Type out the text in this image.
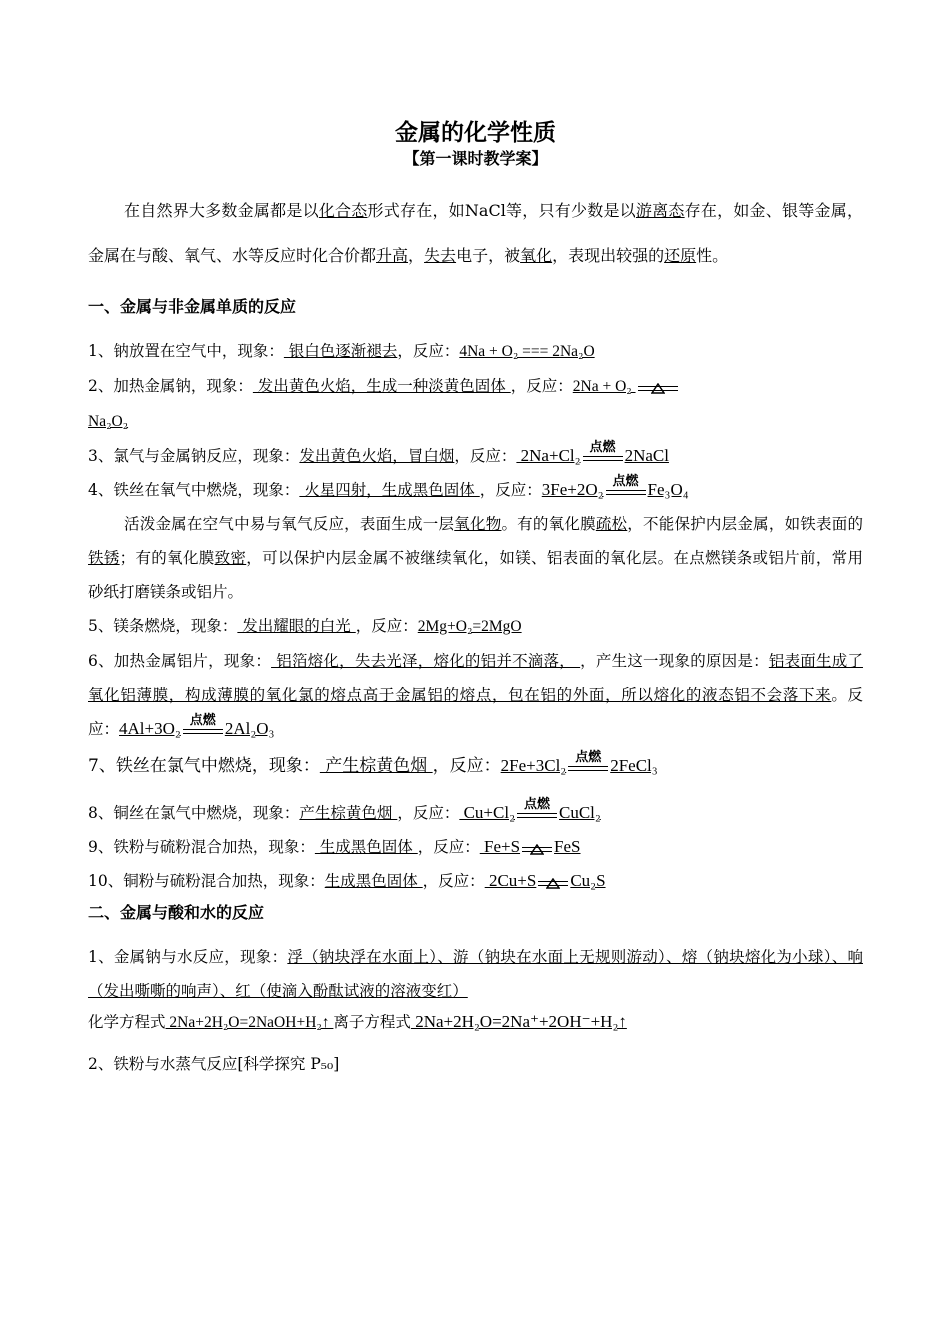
金属的化学性质
【第一课时教学案】

在自然界大多数金属都是以化合态形式存在，如NaCl等，只有少数是以游离态存在，如金、银等金属，金属在与酸、氧气、水等反应时化合价都升高，失去电子，被氧化，表现出较强的还原性。

一、金属与非金属单质的反应

1、钠放置在空气中，现象： 银白色逐渐褪去，反应：4Na + O₂ === 2Na₂O

2、加热金属钠，现象： 发出黄色火焰，生成一种淡黄色固体 ，反应：2Na + O₂

Na₂O₂

3、氯气与金属钠反应，现象：发出黄色火焰，冒白烟，反应： 2Na+Cl₂ 点燃 2NaCl

4、铁丝在氧气中燃烧，现象： 火星四射，生成黑色固体 ，反应：3Fe+2O₂ 点燃 Fe₃O₄

活泼金属在空气中易与氧气反应，表面生成一层氧化物。有的氧化膜疏松，不能保护内层金属，如铁表面的铁锈；有的氧化膜致密，可以保护内层金属不被继续氧化，如镁、铝表面的氧化层。在点燃镁条或铝片前，常用砂纸打磨镁条或铝片。

5、镁条燃烧，现象： 发出耀眼的白光 ，反应：2Mg+O₂=2MgO

6、加热金属铝片，现象： 铝箔熔化，失去光泽，熔化的铝并不滴落， ，产生这一现象的原因是：铝表面生成了氧化铝薄膜，构成薄膜的氧化氯的熔点高于金属铝的熔点，包在铝的外面，所以熔化的液态铝不会落下来。反应：4Al+3O₂ 点燃 2Al₂O₃

7、铁丝在氯气中燃烧，现象： 产生棕黄色烟 ，反应：2Fe+3Cl₂ 点燃 2FeCl₃

8、铜丝在氯气中燃烧，现象：产生棕黄色烟 ，反应： Cu+Cl₂ 点燃 CuCl₂

9、铁粉与硫粉混合加热，现象： 生成黑色固体 ，反应： Fe+S FeS

10、铜粉与硫粉混合加热，现象：生成黑色固体 ，反应： 2Cu+S Cu₂S

二、金属与酸和水的反应

1、金属钠与水反应，现象：浮（钠块浮在水面上）、游（钠块在水面上无规则游动）、熔（钠块熔化为小球）、响（发出嘶嘶的响声）、红（使滴入酚酞试液的溶液变红）

化学方程式 2Na+2H₂O=2NaOH+H₂↑ 离子方程式 2Na+2H₂O=2Na⁺+2OH⁻+H₂↑

2、铁粉与水蒸气反应[科学探究 P₅₀]
